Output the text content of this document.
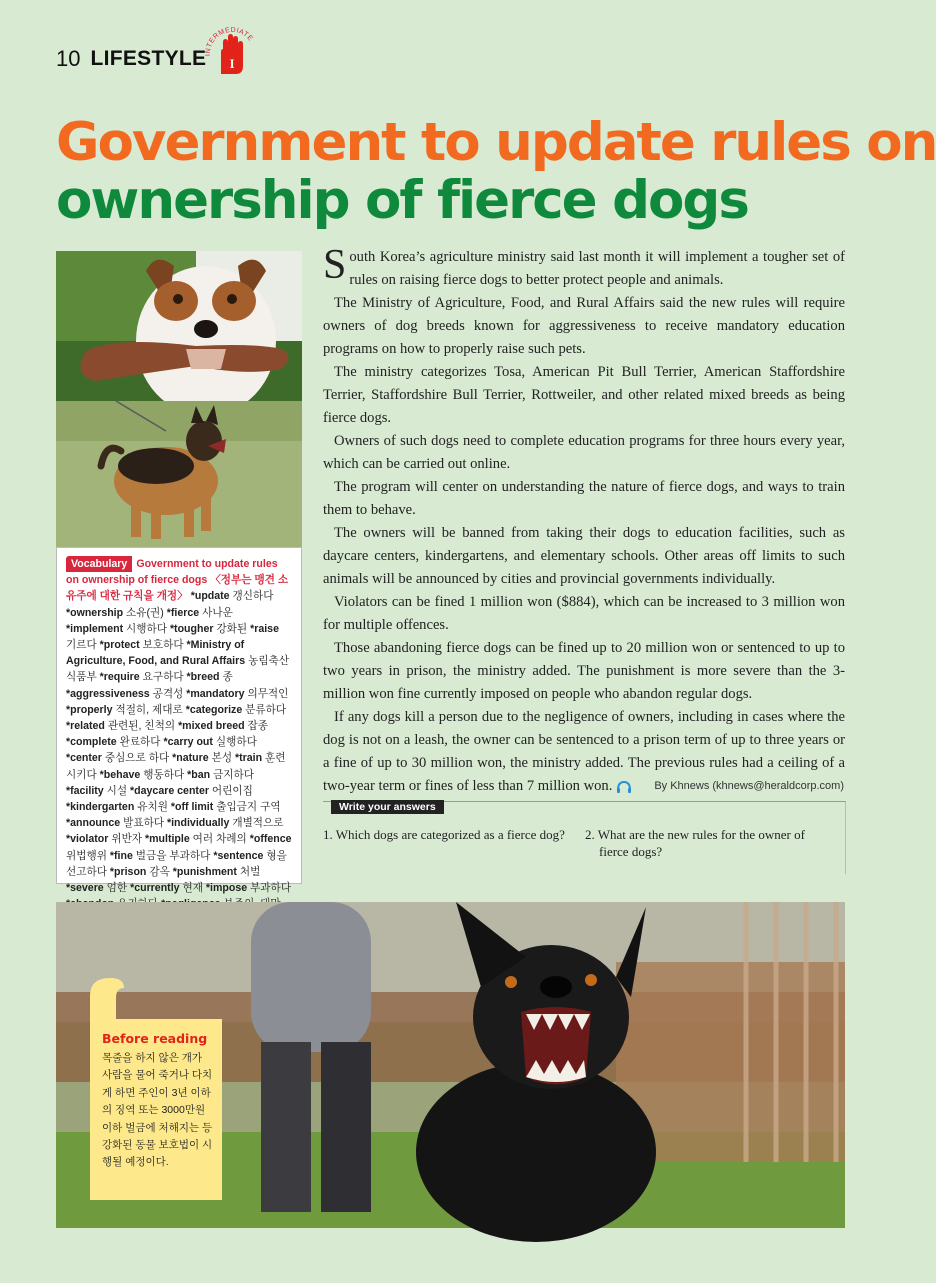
10 LIFESTYLE
INTERMEDIATE
I
Government to update rules on
ownership of fierce dogs
Vocabulary Government to update rules on ownership of fierce dogs 〈정부는 맹견 소유주에 대한 규칙을 개정〉 *update 갱신하다 *ownership 소유(권) *fierce 사나운 *implement 시행하다 *tougher 강화된 *raise 기르다 *protect 보호하다 *Ministry of Agriculture, Food, and Rural Affairs 농림축산식품부 *require 요구하다 *breed 종 *aggressiveness 공격성 *mandatory 의무적인 *properly 적절히, 제대로 *categorize 분류하다 *related 관련된, 친척의 *mixed breed 잡종 *complete 완료하다 *carry out 실행하다 *center 중심으로 하다 *nature 본성 *train 훈련시키다 *behave 행동하다 *ban 금지하다 *facility 시설 *daycare center 어린이집 *kindergarten 유치원 *off limit 출입금지 구역 *announce 발표하다 *individually 개별적으로 *violator 위반자 *multiple 여러 차례의 *offence 위법행위 *fine 벌금을 부과하다 *sentence 형을 선고하다 *prison 감옥 *punishment 처벌 *severe 엄한 *currently 현재 *impose 부과하다

South Korea’s agriculture ministry said last month it will implement a tougher set of rules on raising fierce dogs to better protect people and animals.

The Ministry of Agriculture, Food, and Rural Affairs said the new rules will require owners of dog breeds known for aggressiveness to receive mandatory education programs on how to properly raise such pets.

The ministry categorizes Tosa, American Pit Bull Terrier, American Staffordshire Terrier, Staffordshire Bull Terrier, Rottweiler, and other related mixed breeds as being fierce dogs.

Owners of such dogs need to complete education programs for three hours every year, which can be carried out online.

The program will center on understanding the nature of fierce dogs, and ways to train them to behave.

The owners will be banned from taking their dogs to education facilities, such as daycare centers, kindergartens, and elementary schools. Other areas off limits to such animals will be announced by cities and provincial governments individually.

Violators can be fined 1 million won ($884), which can be increased to 3 million won for multiple offences.

Those abandoning fierce dogs can be fined up to 20 million won or sentenced to up to two years in prison, the ministry added. The punishment is more severe than the 3-million won fine currently imposed on people who abandon regular dogs.

If any dogs kill a person due to the negligence of owners, including in cases where the dog is not on a leash, the owner can be sentenced to a prison term of up to three years or a fine of up to 30 million won, the ministry added. The previous rules had a ceiling of a two-year term or fines of less than 7 million won.	By Khnews (khnews@heraldcorp.com)
Write your answers
1. Which dogs are categorized as a fierce dog? 2. What are the new rules for the owner of
fierce dogs?
Before reading
목줄을 하지 않은 개가 사람을 물어 죽거나 다치게 하면 주인이 3년 이하의 징역 또는 3000만원 이하 벌금에 처해지는 등 강화된 동물 보호법이 시행될 예정이다.
